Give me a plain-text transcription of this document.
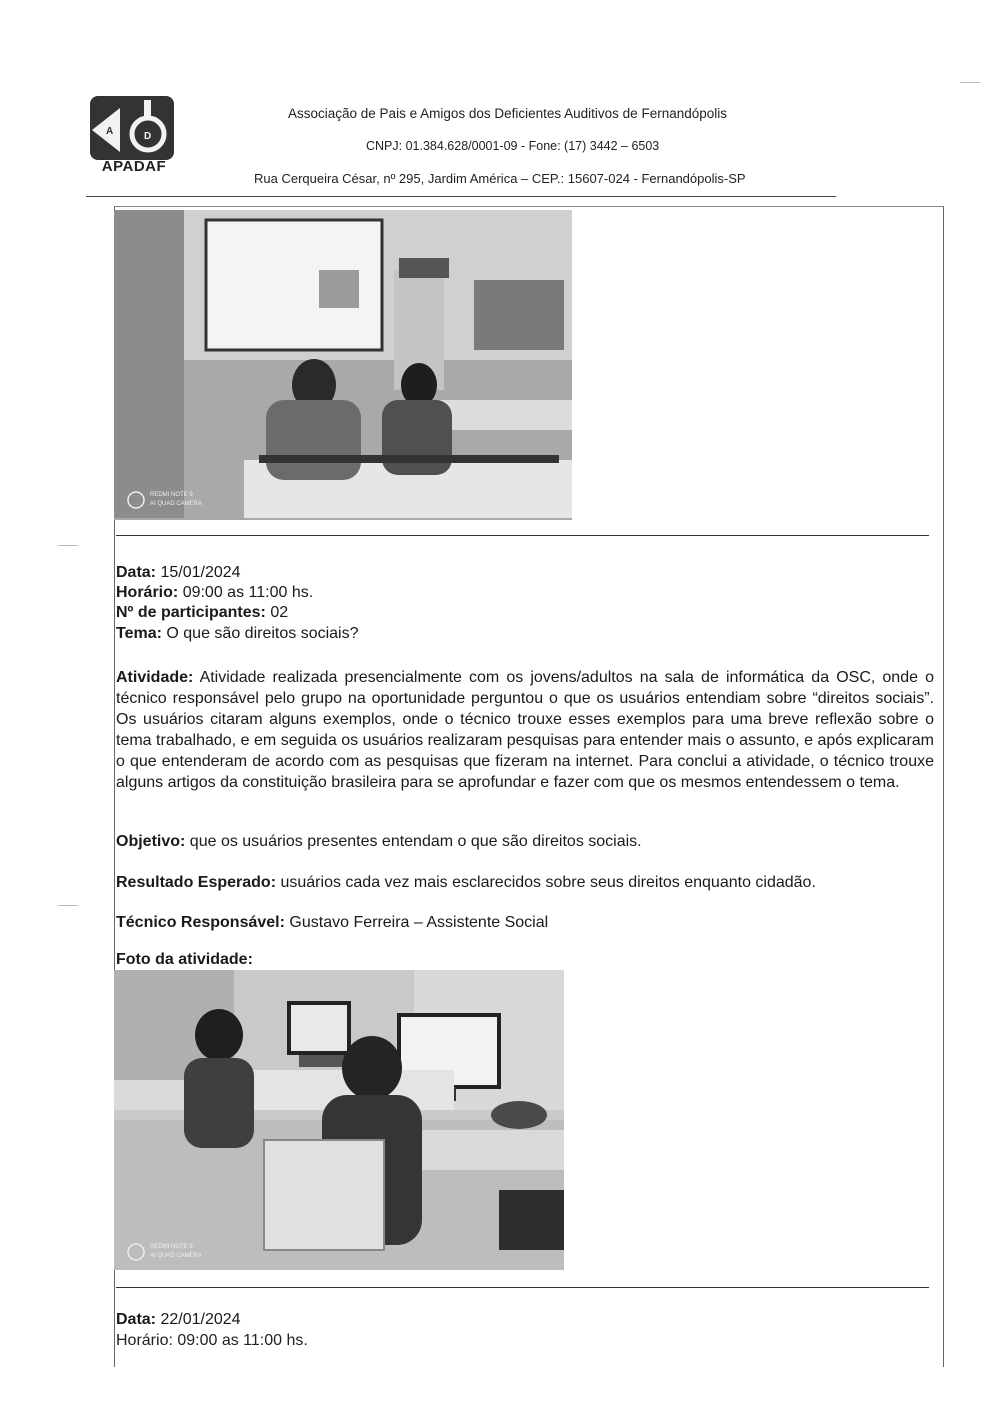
A	D
APADAF
Associação de Pais e Amigos dos Deficientes Auditivos de Fernandópolis
CNPJ: 01.384.628/0001-09 - Fone: (17) 3442 – 6503
Rua Cerqueira César, nº 295, Jardim América – CEP.: 15607-024 - Fernandópolis-SP
REDMI NOTE 9
AI QUAD CAMERA
Data: 15/01/2024
Horário: 09:00 as 11:00 hs.
Nº de participantes: 02
Tema: O que são direitos sociais?
Atividade: Atividade realizada presencialmente com os jovens/adultos na sala de informática da OSC, onde o técnico responsável pelo grupo na oportunidade perguntou o que os usuários entendiam sobre “direitos sociais”. Os usuários citaram alguns exemplos, onde o técnico trouxe esses exemplos para uma breve reflexão sobre o tema trabalhado, e em seguida os usuários realizaram pesquisas para entender mais o assunto, e após explicaram o que entenderam de acordo com as pesquisas que fizeram na internet. Para conclui a atividade, o técnico trouxe alguns artigos da constituição brasileira para se aprofundar e fazer com que os mesmos entendessem o tema.
Objetivo: que os usuários presentes entendam o que são direitos sociais.
Resultado Esperado: usuários cada vez mais esclarecidos sobre seus direitos enquanto cidadão.
Técnico Responsável: Gustavo Ferreira – Assistente Social
Foto da atividade:
REDMI NOTE 9
AI QUAD CAMERA
Data: 22/01/2024
Horário: 09:00 as 11:00 hs.
